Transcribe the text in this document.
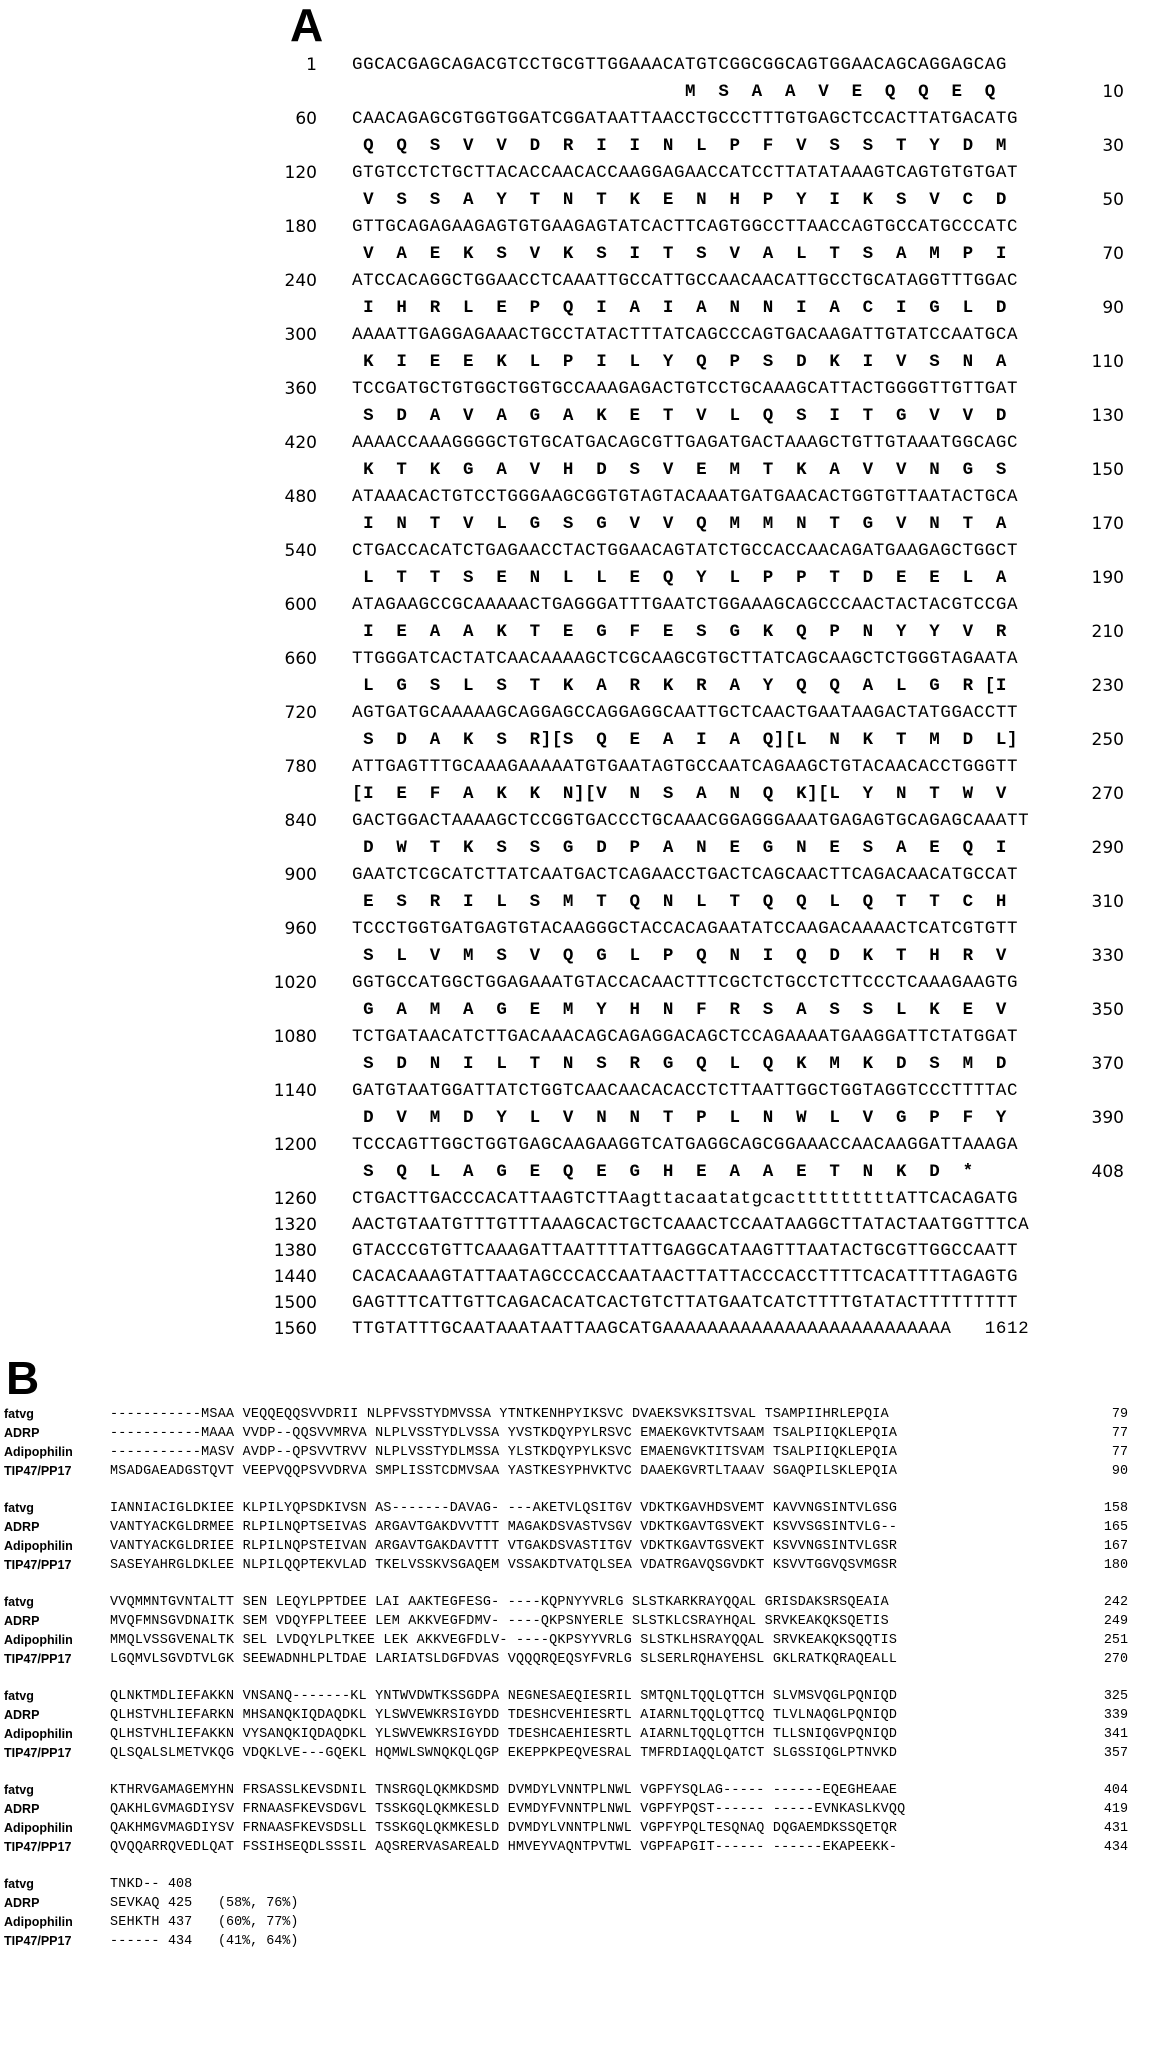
A
1 GGCACGAGCAGACGTCCTGCGTTGGAAACATGTCGGCGGCAGTGGAACAGCAGGAGCAG
M  S  A  A  V  E  Q  Q  E  Q	10
60 CAACAGAGCGTGGTGGATCGGATAATTAACCTGCCCTTTGTGAGCTCCACTTATGACATG
Q  Q  S  V  V  D  R  I  I  N  L  P  F  V  S  S  T  Y  D  M	30
120 GTGTCCTCTGCTTACACCAACACCAAGGAGAACCATCCTTATATAAAGTCAGTGTGTGAT
V  S  S  A  Y  T  N  T  K  E  N  H  P  Y  I  K  S  V  C  D	50
180 GTTGCAGAGAAGAGTGTGAAGAGTATCACTTCAGTGGCCTTAACCAGTGCCATGCCCATC
V  A  E  K  S  V  K  S  I  T  S  V  A  L  T  S  A  M  P  I	70
240 ATCCACAGGCTGGAACCTCAAATTGCCATTGCCAACAACATTGCCTGCATAGGTTTGGAC
I  H  R  L  E  P  Q  I  A  I  A  N  N  I  A  C  I  G  L  D	90
300 AAAATTGAGGAGAAACTGCCTATACTTTATCAGCCCAGTGACAAGATTGTATCCAATGCA
K  I  E  E  K  L  P  I  L  Y  Q  P  S  D  K  I  V  S  N  A	110
360 TCCGATGCTGTGGCTGGTGCCAAAGAGACTGTCCTGCAAAGCATTACTGGGGTTGTTGAT
S  D  A  V  A  G  A  K  E  T  V  L  Q  S  I  T  G  V  V  D	130
420 AAAACCAAAGGGGCTGTGCATGACAGCGTTGAGATGACTAAAGCTGTTGTAAATGGCAGC
K  T  K  G  A  V  H  D  S  V  E  M  T  K  A  V  V  N  G  S	150
480 ATAAACACTGTCCTGGGAAGCGGTGTAGTACAAATGATGAACACTGGTGTTAATACTGCA
I  N  T  V  L  G  S  G  V  V  Q  M  M  N  T  G  V  N  T  A	170
540 CTGACCACATCTGAGAACCTACTGGAACAGTATCTGCCACCAACAGATGAAGAGCTGGCT
L  T  T  S  E  N  L  L  E  Q  Y  L  P  P  T  D  E  E  L  A	190
600 ATAGAAGCCGCAAAAACTGAGGGATTTGAATCTGGAAAGCAGCCCAACTACTACGTCCGA
I  E  A  A  K  T  E  G  F  E  S  G  K  Q  P  N  Y  Y  V  R	210
660 TTGGGATCACTATCAACAAAAGCTCGCAAGCGTGCTTATCAGCAAGCTCTGGGTAGAATA
L  G  S  L  S  T  K  A  R  K  R  A  Y  Q  Q  A  L  G  R [I	230
720 AGTGATGCAAAAAGCAGGAGCCAGGAGGCAATTGCTCAACTGAATAAGACTATGGACCTT
S  D  A  K  S  R][S  Q  E  A  I  A  Q][L  N  K  T  M  D  L]	250
780 ATTGAGTTTGCAAAGAAAAATGTGAATAGTGCCAATCAGAAGCTGTACAACACCTGGGTT
[I  E  F  A  K  K  N][V  N  S  A  N  Q  K][L  Y  N  T  W  V	270
840 GACTGGACTAAAAGCTCCGGTGACCCTGCAAACGGAGGGAAATGAGAGTGCAGAGCAAATT
D  W  T  K  S  S  G  D  P  A  N  E  G  N  E  S  A  E  Q  I	290
900 GAATCTCGCATCTTATCAATGACTCAGAACCTGACTCAGCAACTTCAGACAACATGCCAT
E  S  R  I  L  S  M  T  Q  N  L  T  Q  Q  L  Q  T  T  C  H	310
960 TCCCTGGTGATGAGTGTACAAGGGCTACCACAGAATATCCAAGACAAAACTCATCGTGTT
S  L  V  M  S  V  Q  G  L  P  Q  N  I  Q  D  K  T  H  R  V	330
1020 GGTGCCATGGCTGGAGAAATGTACCACAACTTTCGCTCTGCCTCTTCCCTCAAAGAAGTG
G  A  M  A  G  E  M  Y  H  N  F  R  S  A  S  S  L  K  E  V	350
1080 TCTGATAACATCTTGACAAACAGCAGAGGACAGCTCCAGAAAATGAAGGATTCTATGGAT
S  D  N  I  L  T  N  S  R  G  Q  L  Q  K  M  K  D  S  M  D	370
1140 GATGTAATGGATTATCTGGTCAACAACACACCTCTTAATTGGCTGGTAGGTCCCTTTTAC
D  V  M  D  Y  L  V  N  N  T  P  L  N  W  L  V  G  P  F  Y	390
1200 TCCCAGTTGGCTGGTGAGCAAGAAGGTCATGAGGCAGCGGAAACCAACAAGGATTAAAGA
S  Q  L  A  G  E  Q  E  G  H  E  A  A  E  T  N  K  D  *	408
1260 CTGACTTGACCCACATTAAGTCTTAagttacaatatgcactttttttttATTCACAGATG
1320 AACTGTAATGTTTGTTTAAAGCACTGCTCAAACTCCAATAAGGCTTATACTAATGGTTTCA
1380 GTACCCGTGTTCAAAGATTAATTTTATTGAGGCATAAGTTTAATACTGCGTTGGCCAATT
1440 CACACAAAGTATTAATAGCCCACCAATAACTTATTACCCACCTTTTCACATTTTAGAGTG
1500 GAGTTTCATTGTTCAGACACATCACTGTCTTATGAATCATCTTTTGTATACTTTTTTTTT
1560 TTGTATTTGCAATAAATAATTAAGCATGAAAAAAAAAAAAAAAAAAAAAAAAAA   1612
B
fatvg	-----------MSAA VEQQEQQSVVDRII NLPFVSSTYDMVSSA YTNTKENHPYIKSVC DVAEKSVKSITSVAL TSAMPIIHRLEPQIA	79
ADRP	-----------MAAA VVDP--QQSVVMRVA NLPLVSSTYDLVSSA YVSTKDQYPYLRSVC EMAEKGVKTVTSAAM TSALPIIQKLEPQIA	77
Adipophilin	-----------MASV AVDP--QPSVVTRVV NLPLVSSTYDLMSSA YLSTKDQYPYLKSVC EMAENGVKTITSVAM TSALPIIQKLEPQIA	77
TIP47/PP17	MSADGAEADGSTQVT VEEPVQQPSVVDRVA SMPLISSTCDMVSAA YASTKESYPHVKTVC DAAEKGVRTLTAAAV SGAQPILSKLEPQIA	90
fatvg	IANNIACIGLDKIEE KLPILYQPSDKIVSN AS-------DAVAG- ---AKETVLQSITGV VDKTKGAVHDSVEMT KAVVNGSINTVLGSG	158
ADRP	VANTYACKGLDRMEE RLPILNQPTSEIVAS ARGAVTGAKDVVTTT MAGAKDSVASTVSGV VDKTKGAVTGSVEKT KSVVSGSINTVLG--	165
Adipophilin	VANTYACKGLDRIEE RLPILNQPSTEIVAN ARGAVTGAKDAVTTT VTGAKDSVASTITGV VDKTKGAVTGSVEKT KSVVNGSINTVLGSR	167
TIP47/PP17	SASEYAHRGLDKLEE NLPILQQPTEKVLAD TKELVSSKVSGAQEM VSSAKDTVATQLSEA VDATRGAVQSGVDKT KSVVTGGVQSVMGSR	180
fatvg	VVQMMNTGVNTALTT SEN LEQYLPPTDEE LAI AAKTEGFESG- ----KQPNYYVRLG SLSTKARKRAYQQAL GRISDAKSRSQEAIA	242
ADRP	MVQFMNSGVDNAITK SEM VDQYFPLTEEE LEM AKKVEGFDMV- ----QKPSNYERLE SLSTKLCSRAYHQAL SRVKEAKQKSQETIS	249
Adipophilin	MMQLVSSGVENALTK SEL LVDQYLPLTKEE LEK AKKVEGFDLV- ----QKPSYYVRLG SLSTKLHSRAYQQAL SRVKEAKQKSQQTIS	251
TIP47/PP17	LGQMVLSGVDTVLGK SEEWADNHLPLTDAE LARIATSLDGFDVAS VQQQRQEQSYFVRLG SLSERLRQHAYEHSL GKLRATKQRAQEALL	270
fatvg	QLNKTMDLIEFAKKN VNSANQ-------KL YNTWVDWTKSSGDPA NEGNESAEQIESRIL SMTQNLTQQLQTTCH SLVMSVQGLPQNIQD	325
ADRP	QLHSTVHLIEFARKN MHSANQKIQDAQDKL YLSWVEWKRSIGYDD TDESHCVEHIESRTL AIARNLTQQLQTTCQ TLVLNAQGLPQNIQD	339
Adipophilin	QLHSTVHLIEFAKKN VYSANQKIQDAQDKL YLSWVEWKRSIGYDD TDESHCAEHIESRTL AIARNLTQQLQTTCH TLLSNIQGVPQNIQD	341
TIP47/PP17	QLSQALSLMETVKQG VDQKLVE---GQEKL HQMWLSWNQKQLQGP EKEPPKPEQVESRAL TMFRDIAQQLQATCT SLGSSIQGLPTNVKD	357
fatvg	KTHRVGAMAGEMYHN FRSASSLKEVSDNIL TNSRGQLQKMKDSMD DVMDYLVNNTPLNWL VGPFYSQLAG----- ------EQEGHEAAE	404
ADRP	QAKHLGVMAGDIYSV FRNAASFKEVSDGVL TSSKGQLQKMKESLD EVMDYFVNNTPLNWL VGPFYPQST------ -----EVNKASLKVQQ	419
Adipophilin	QAKHMGVMAGDIYSV FRNAASFKEVSDSLL TSSKGQLQKMKESLD DVMDYLVNNTPLNWL VGPFYPQLTESQNAQ DQGAEMDKSSQETQR	431
TIP47/PP17	QVQQARRQVEDLQAT FSSIHSEQDLSSSIL AQSRERVASAREALD HMVEYVAQNTPVTWL VGPFAPGIT------ ------EKAPEEKK-	434
fatvg	TNKD-- 408
ADRP	SEVKAQ 425 (58%, 76%)
Adipophilin	SEHKTH 437 (60%, 77%)
TIP47/PP17	------ 434 (41%, 64%)
